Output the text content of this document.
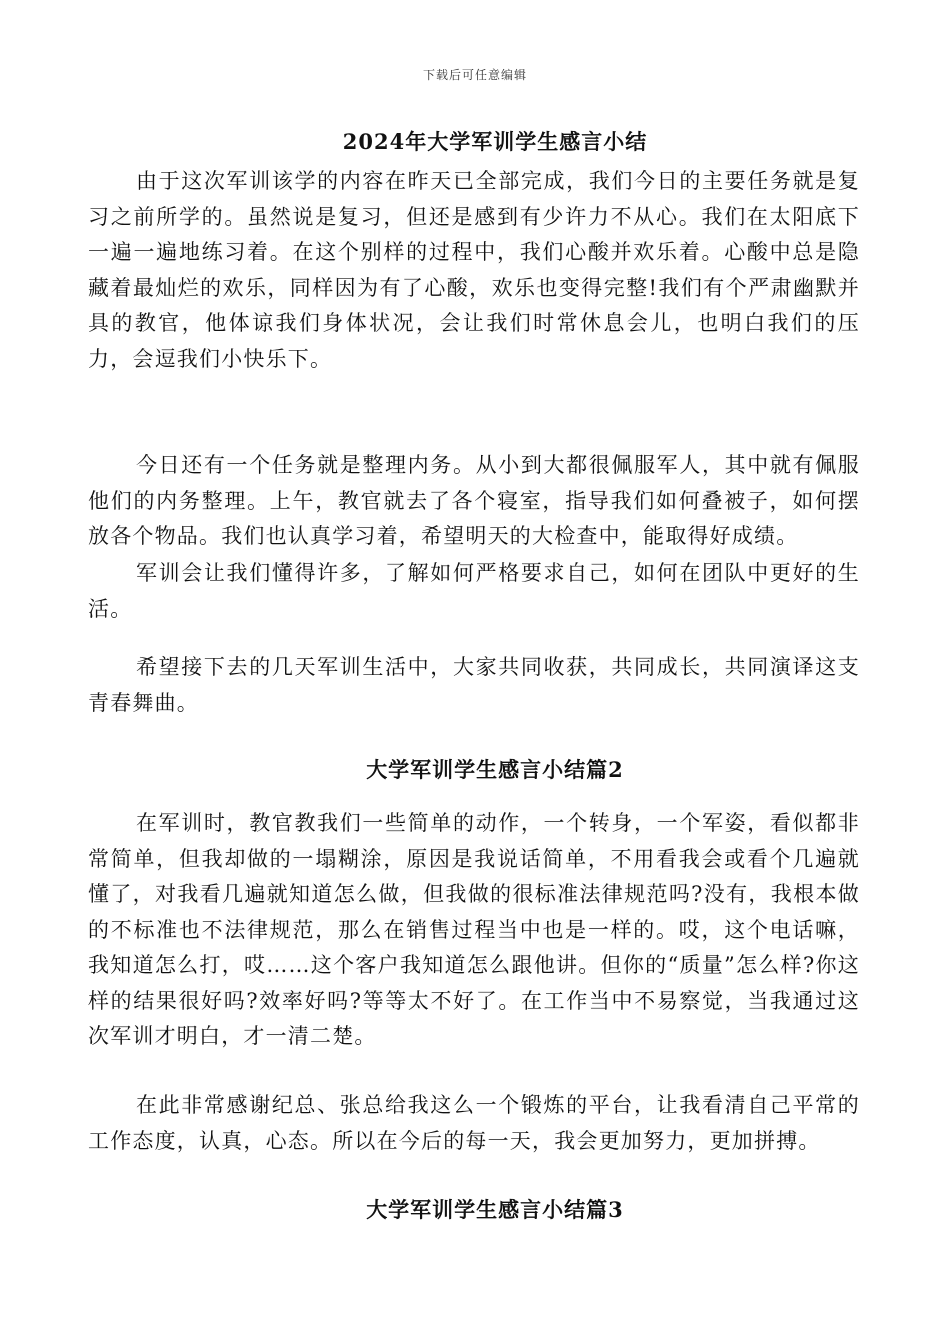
下载后可任意编辑
2024年大学军训学生感言小结

由于这次军训该学的内容在昨天已全部完成，我们今日的主要任务就是复习之前所学的。虽然说是复习，但还是感到有少许力不从心。我们在太阳底下一遍一遍地练习着。在这个别样的过程中，我们心酸并欢乐着。心酸中总是隐藏着最灿烂的欢乐，同样因为有了心酸，欢乐也变得完整!我们有个严肃幽默并具的教官，他体谅我们身体状况，会让我们时常休息会儿，也明白我们的压力，会逗我们小快乐下。

今日还有一个任务就是整理内务。从小到大都很佩服军人，其中就有佩服他们的内务整理。上午，教官就去了各个寝室，指导我们如何叠被子，如何摆放各个物品。我们也认真学习着，希望明天的大检查中，能取得好成绩。

军训会让我们懂得许多，了解如何严格要求自己，如何在团队中更好的生活。

希望接下去的几天军训生活中，大家共同收获，共同成长，共同演译这支青春舞曲。

大学军训学生感言小结篇2

在军训时，教官教我们一些简单的动作，一个转身，一个军姿，看似都非常简单，但我却做的一塌糊涂，原因是我说话简单，不用看我会或看个几遍就懂了，对我看几遍就知道怎么做，但我做的很标准法律规范吗?没有，我根本做的不标准也不法律规范，那么在销售过程当中也是一样的。哎，这个电话嘛，我知道怎么打，哎……这个客户我知道怎么跟他讲。但你的“质量”怎么样?你这样的结果很好吗?效率好吗?等等太不好了。在工作当中不易察觉，当我通过这次军训才明白，才一清二楚。

在此非常感谢纪总、张总给我这么一个锻炼的平台，让我看清自己平常的工作态度，认真，心态。所以在今后的每一天，我会更加努力，更加拼搏。

大学军训学生感言小结篇3
